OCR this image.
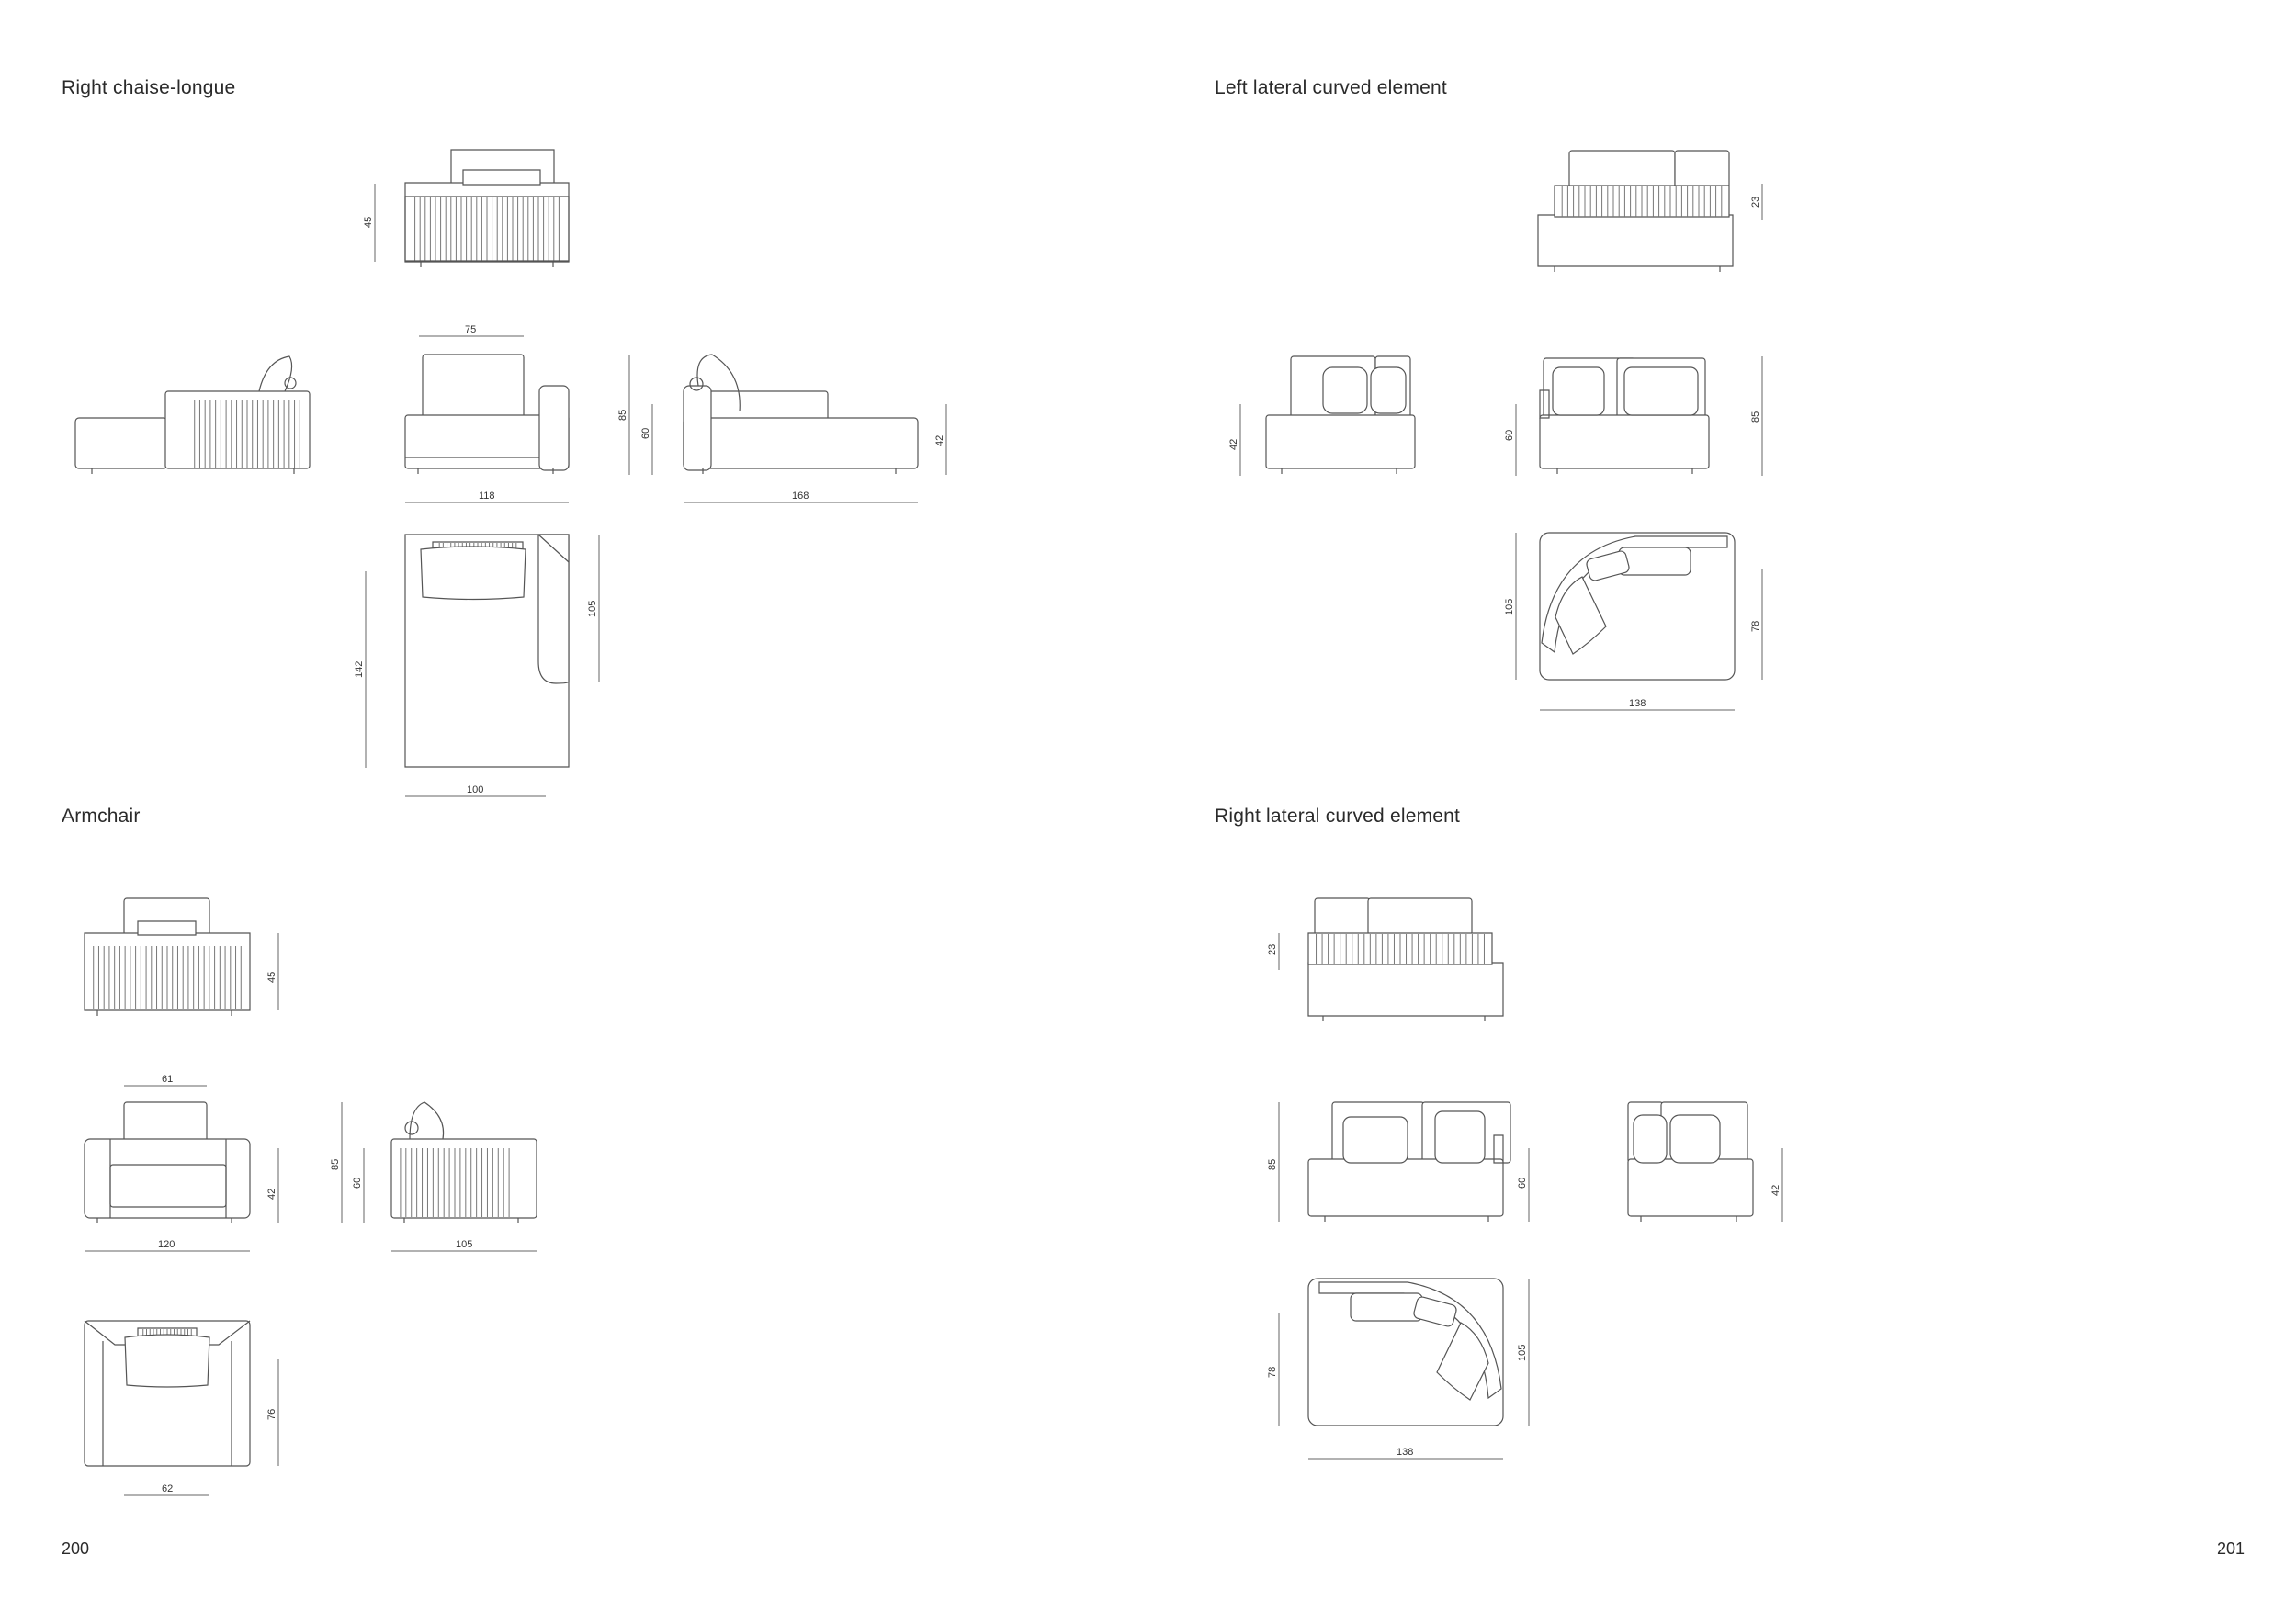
Right chaise-longue	Left lateral curved element
Armchair	Right lateral curved element
200	201
45
75
85
60
118
42
168
105
142
100
23
42
60
85
105
78
138
45
61
42
120
85
60
105
76
62
23
85
60
42
78
105
138
